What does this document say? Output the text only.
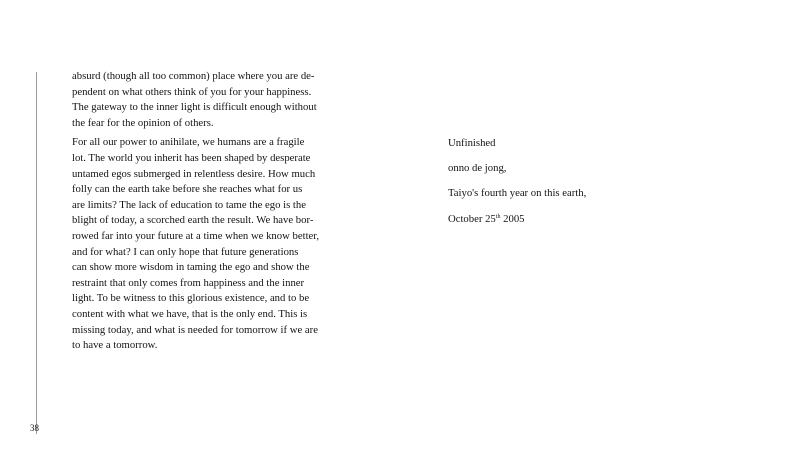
38

absurd (though all too common) place where you are de-
pendent on what others think of you for your happiness.
The gateway to the inner light is difficult enough without
the fear for the opinion of others.

For all our power to anihilate, we humans are a fragile
lot. The world you inherit has been shaped by desperate
untamed egos submerged in relentless desire. How much
folly can the earth take before she reaches what for us
are limits? The lack of education to tame the ego is the
blight of today, a scorched earth the result. We have bor-
rowed far into your future at a time when we know better,
and for what? I can only hope that future generations
can show more wisdom in taming the ego and show the
restraint that only comes from happiness and the inner
light. To be witness to this glorious existence, and to be
content with what we have, that is the only end. This is
missing today, and what is needed for tomorrow if we are
to have a tomorrow.

Unfinished
onno de jong,
Taiyo's fourth year on this earth,
October 25th 2005
